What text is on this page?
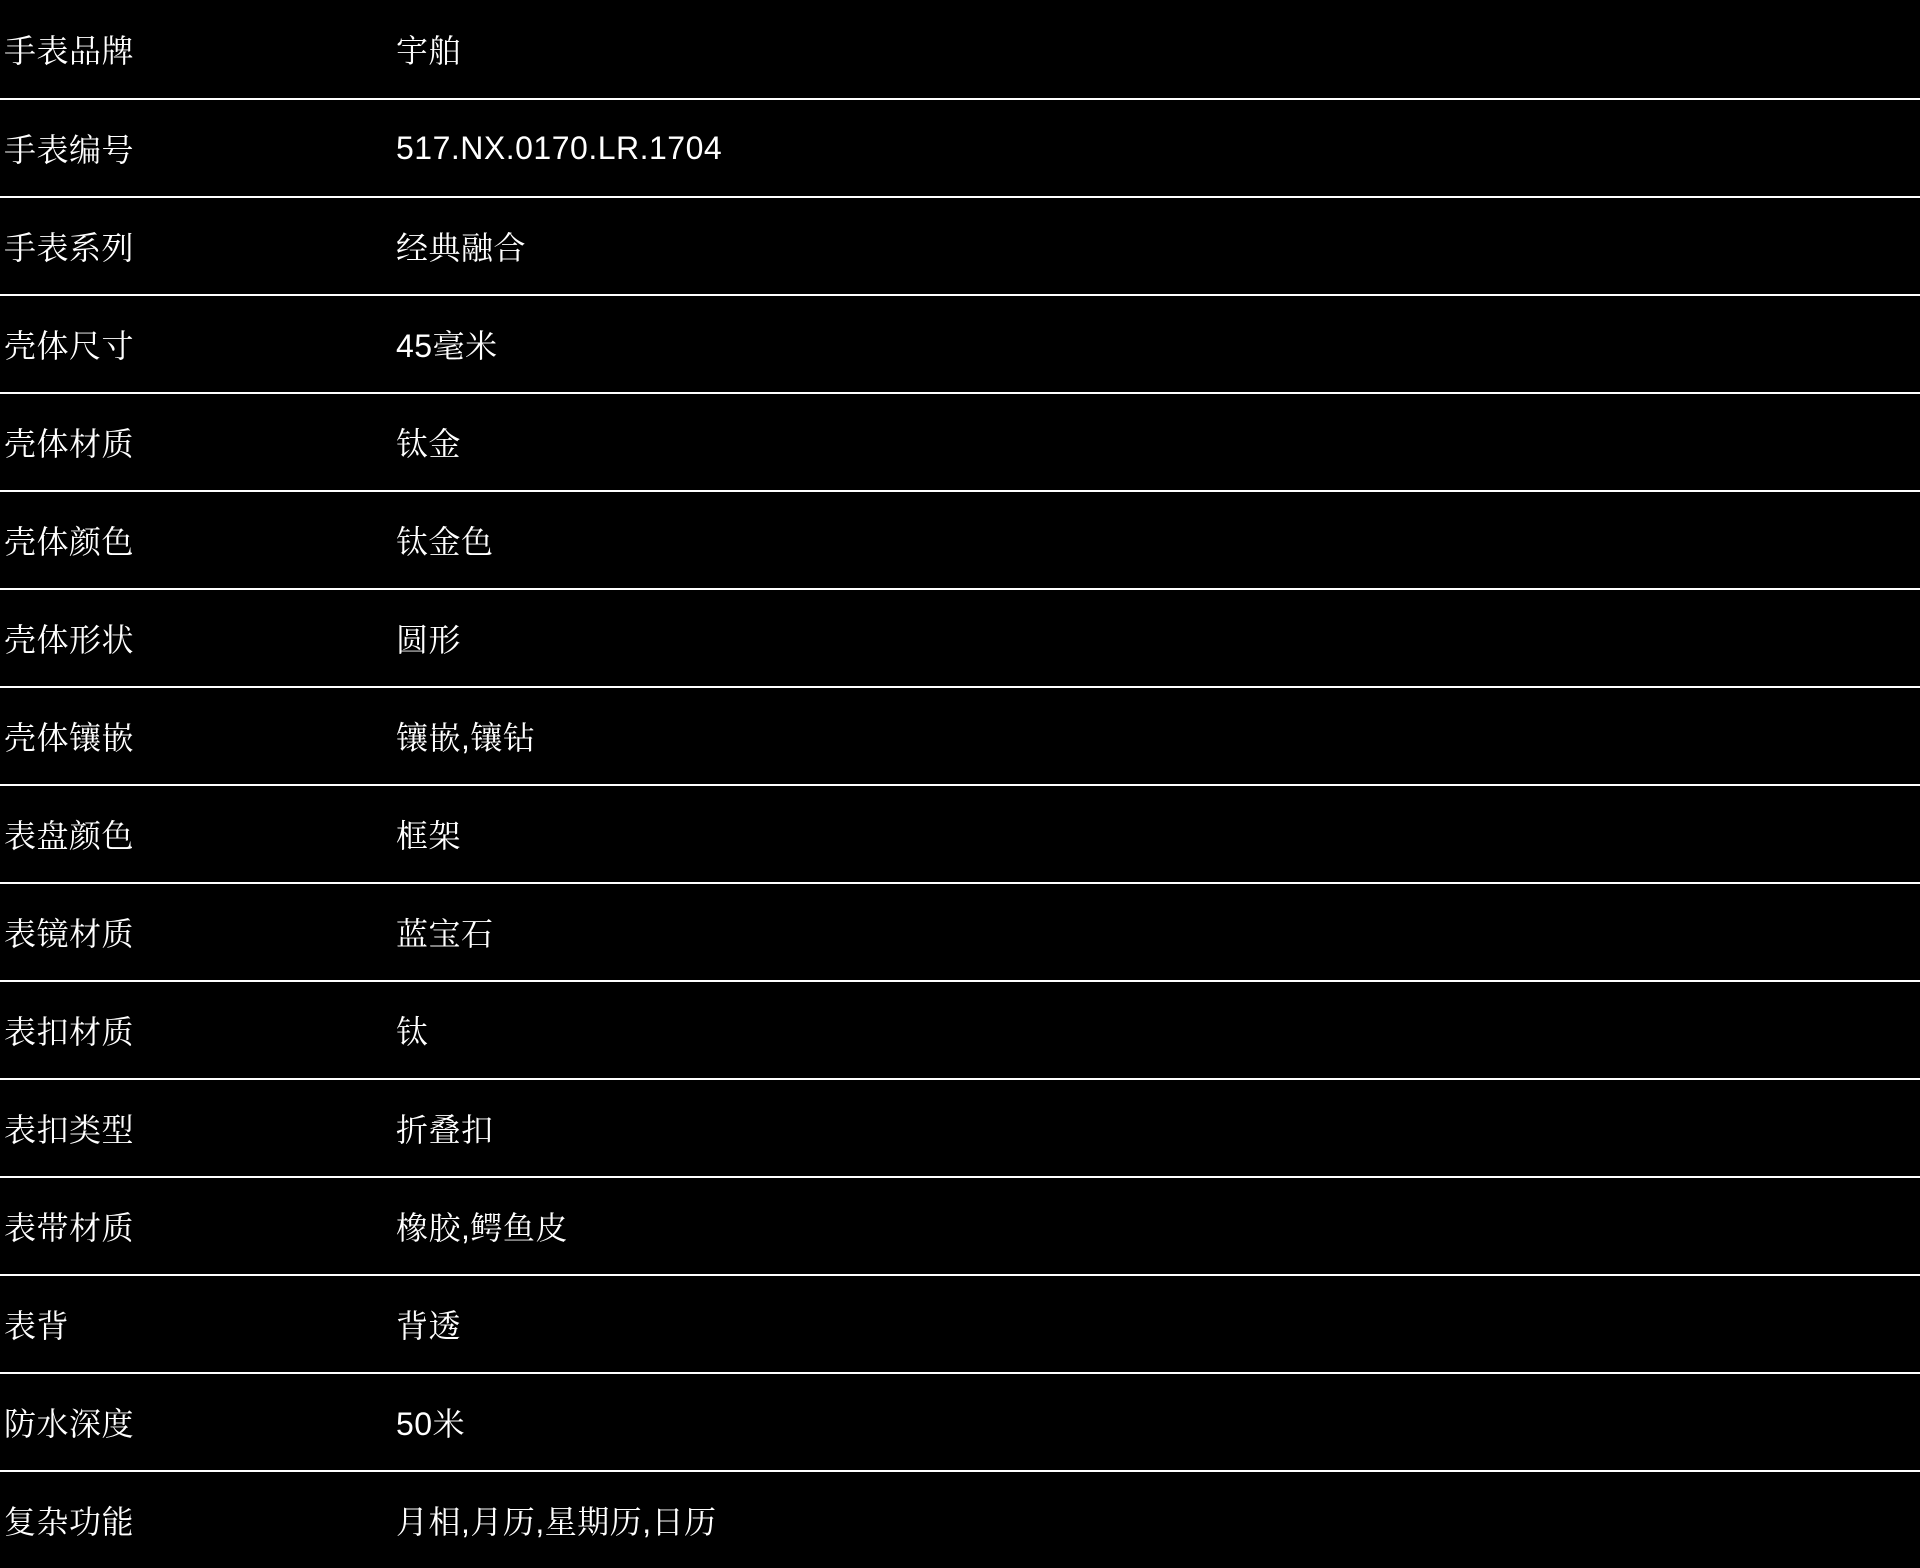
手表品牌	宇舶
手表编号	517.NX.0170.LR.1704
手表系列	经典融合
壳体尺寸	45毫米
壳体材质	钛金
壳体颜色	钛金色
壳体形状	圆形
壳体镶嵌	镶嵌,镶钻
表盘颜色	框架
表镜材质	蓝宝石
表扣材质	钛
表扣类型	折叠扣
表带材质	橡胶,鳄鱼皮
表背	背透
防水深度	50米
复杂功能	月相,月历,星期历,日历
